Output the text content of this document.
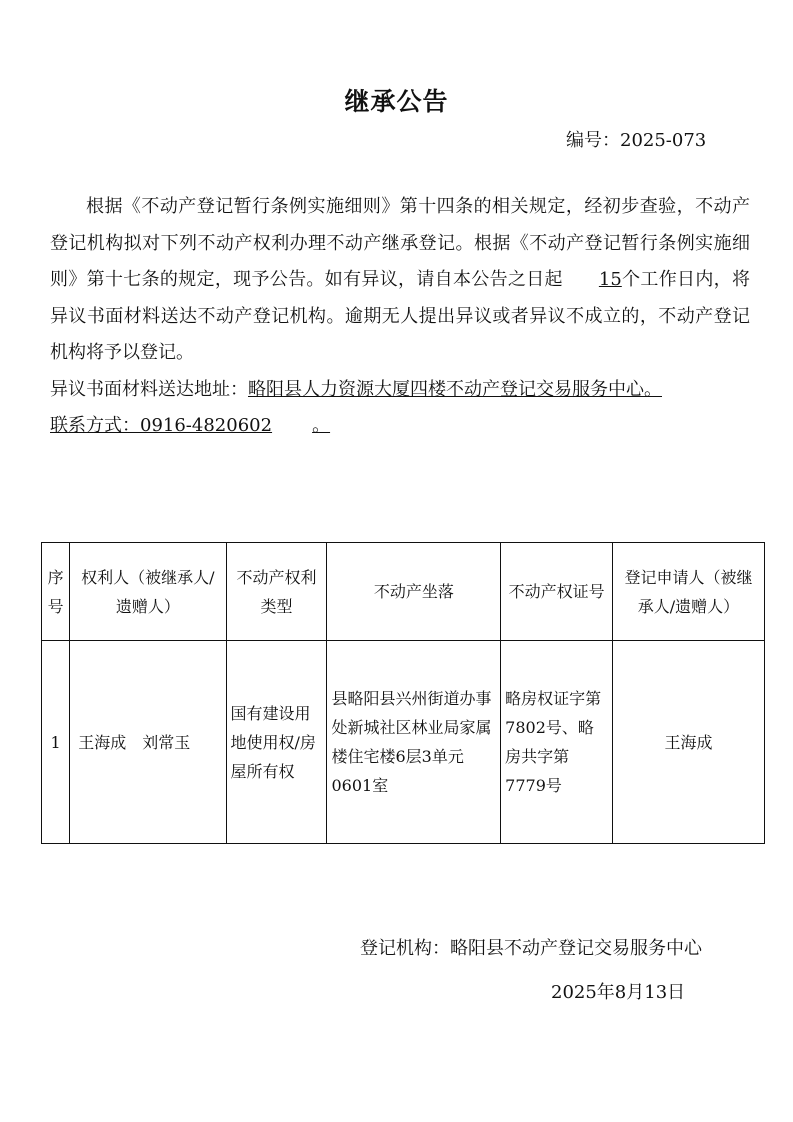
继承公告
编号：2025-073

根据《不动产登记暂行条例实施细则》第十四条的相关规定，经初步查验，不动产登记机构拟对下列不动产权利办理不动产继承登记。根据《不动产登记暂行条例实施细则》第十七条的规定，现予公告。如有异议，请自本公告之日起 15个工作日内，将异议书面材料送达不动产登记机构。逾期无人提出异议或者异议不成立的，不动产登记机构将予以登记。

异议书面材料送达地址：略阳县人力资源大厦四楼不动产登记交易服务中心。

联系方式：0916-4820602 。

序号	权利人（被继承人/遗赠人）	不动产权利类型	不动产坐落	不动产权证号	登记申请人（被继承人/遗赠人）
1	王海成 刘常玉	国有建设用地使用权/房屋所有权	县略阳县兴州街道办事处新城社区林业局家属楼住宅楼6层3单元0601室	略房权证字第7802号、略房共字第7779号	王海成
登记机构：略阳县不动产登记交易服务中心
2025年8月13日
